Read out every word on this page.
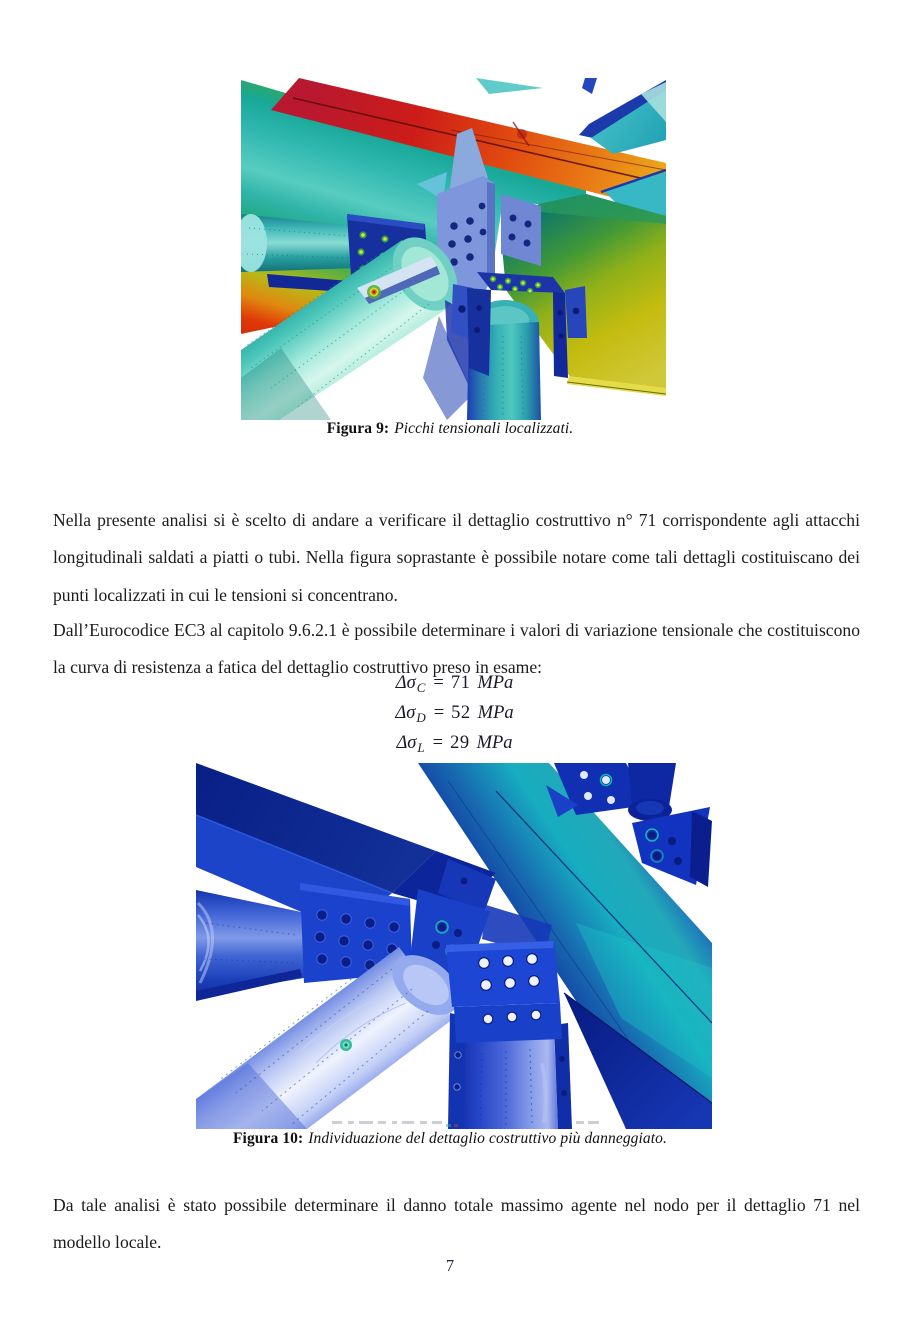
Figura 9: Picchi tensionali localizzati.

Nella presente analisi si è scelto di andare a verificare il dettaglio costruttivo n° 71 corrispondente agli attacchi longitudinali saldati a piatti o tubi. Nella figura soprastante è possibile notare come tali dettagli costituiscano dei punti localizzati in cui le tensioni si concentrano.

Dall’Eurocodice EC3 al capitolo 9.6.2.1 è possibile determinare i valori di variazione tensionale che costituiscono la curva di resistenza a fatica del dettaglio costruttivo preso in esame:

Δσ C = 71 MPa
Δσ D = 52 MPa
Δσ L = 29 MPa
Figura 10: Individuazione del dettaglio costruttivo più danneggiato.

Da tale analisi è stato possibile determinare il danno totale massimo agente nel nodo per il dettaglio 71 nel modello locale.

7
